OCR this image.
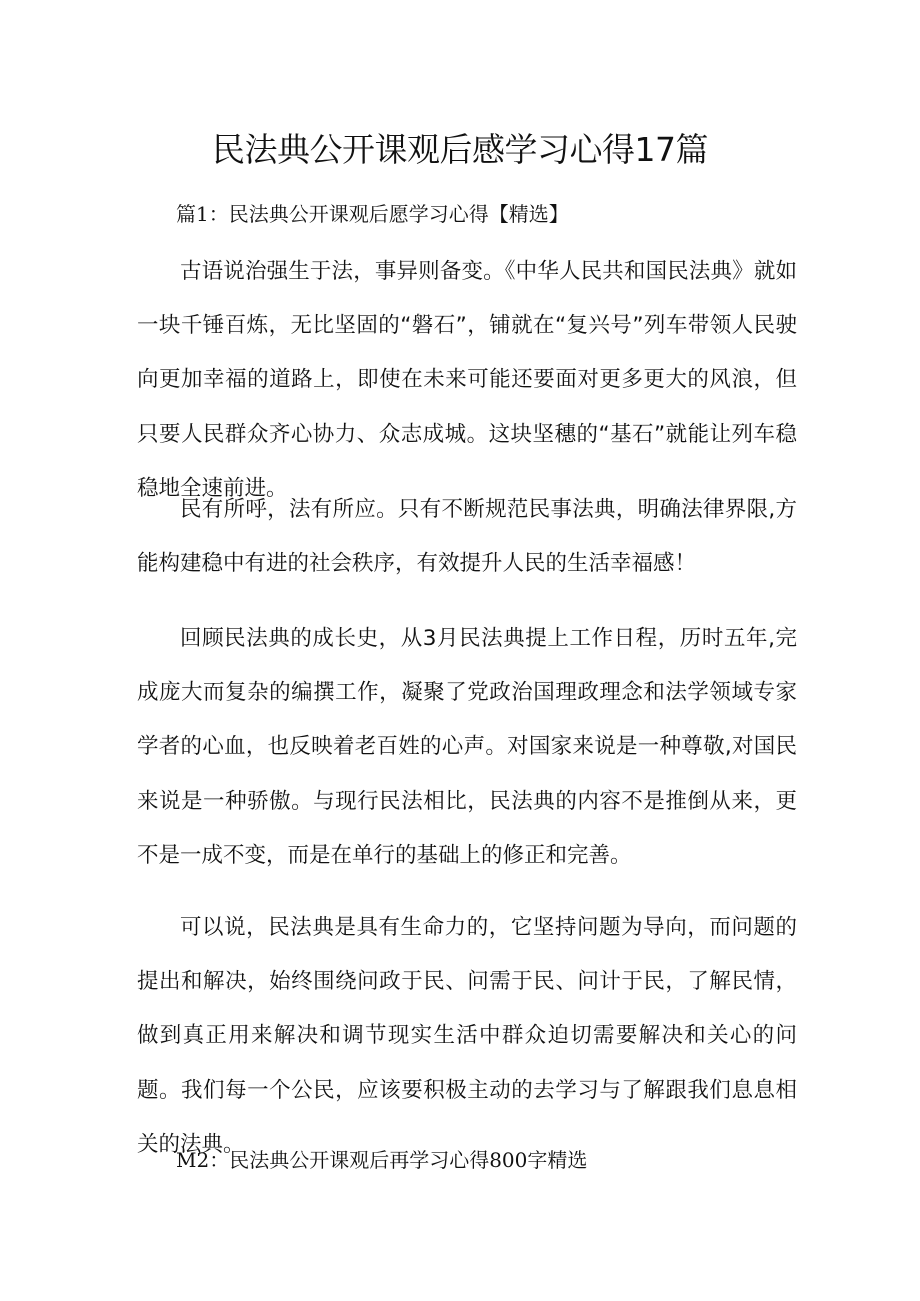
民法典公开课观后感学习心得17篇

篇1：民法典公开课观后愿学习心得【精选】

古语说治强生于法，事异则备变。《中华人民共和国民法典》就如一块千锤百炼，无比坚固的“磐石”，铺就在“复兴号”列车带领人民驶向更加幸福的道路上，即使在未来可能还要面对更多更大的风浪，但只要人民群众齐心协力、众志成城。这块坚穗的“基石”就能让列车稳稳地全速前进。

民有所呼，法有所应。只有不断规范民事法典，明确法律界限,方能构建稳中有进的社会秩序，有效提升人民的生活幸福感！

回顾民法典的成长史，从3月民法典提上工作日程，历时五年,完成庞大而复杂的编撰工作，凝聚了党政治国理政理念和法学领域专家学者的心血，也反映着老百姓的心声。对国家来说是一种尊敬,对国民来说是一种骄傲。与现行民法相比，民法典的内容不是推倒从来，更不是一成不变，而是在单行的基础上的修正和完善。

可以说，民法典是具有生命力的，它坚持问题为导向，而问题的提出和解决，始终围绕问政于民、问需于民、问计于民，了解民情，做到真正用来解决和调节现实生活中群众迫切需要解决和关心的问题。我们每一个公民，应该要积极主动的去学习与了解跟我们息息相关的法典。

M2：民法典公开课观后再学习心得800字精选
